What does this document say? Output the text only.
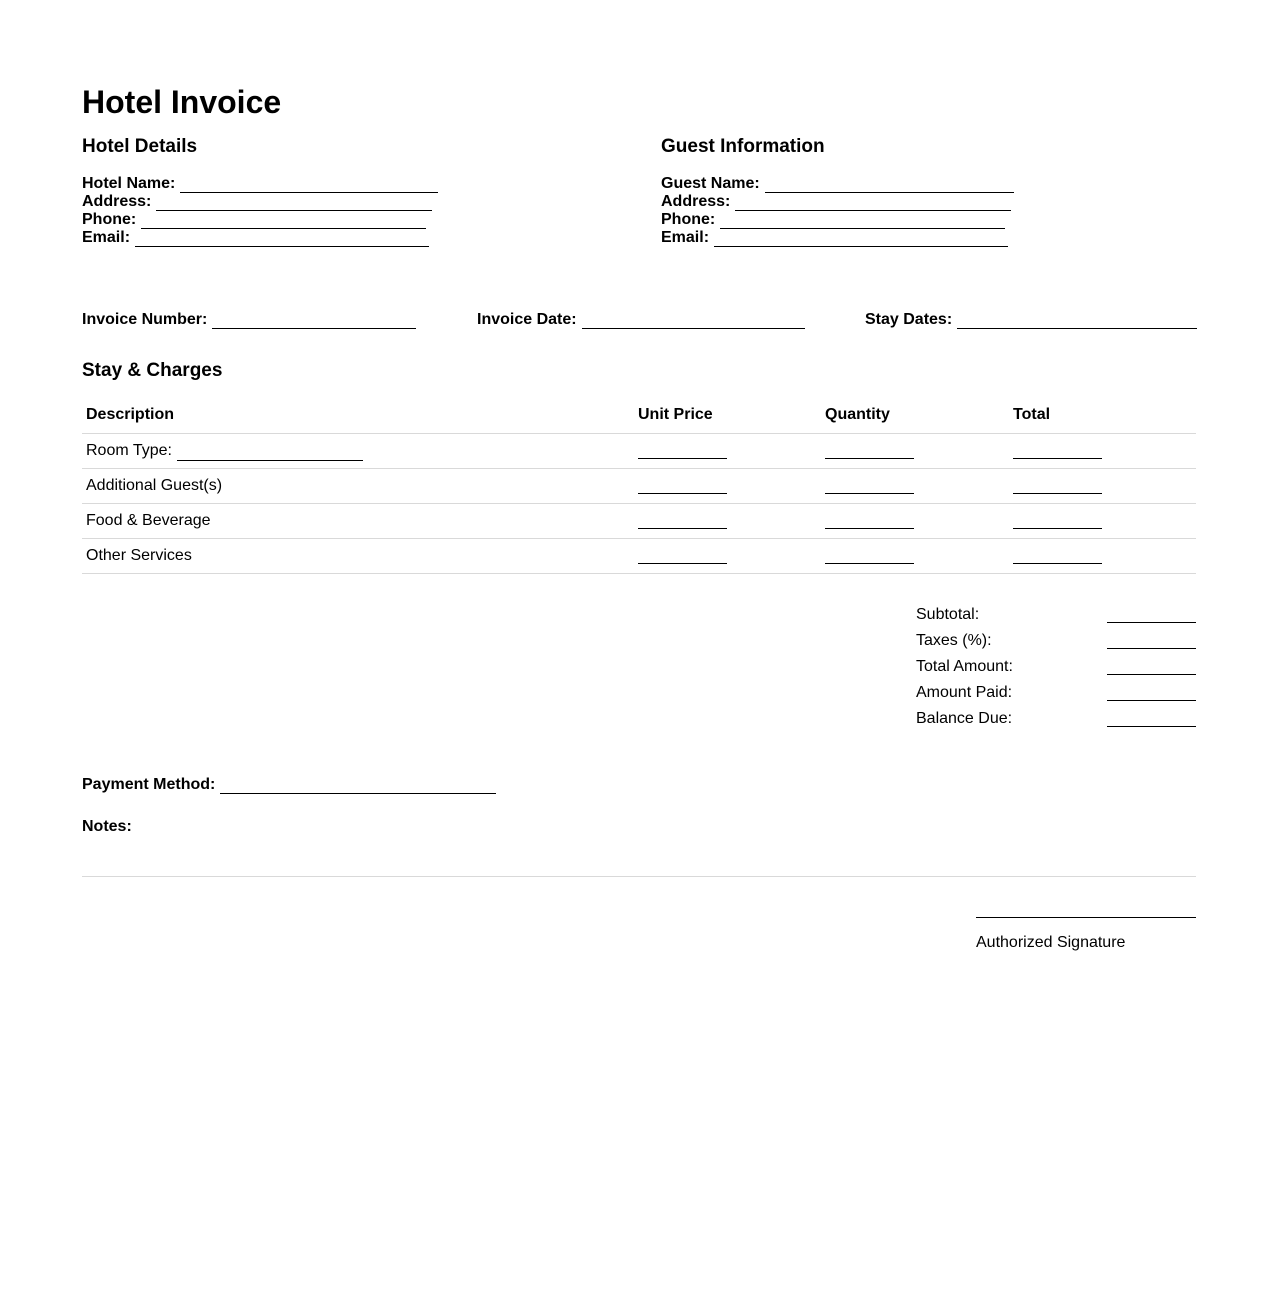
Hotel Invoice
Hotel Details
Hotel Name:
Address:
Phone:
Email:
Guest Information
Guest Name:
Address:
Phone:
Email:
Invoice Number:	Invoice Date:	Stay Dates:
Stay & Charges
Description	Unit Price	Quantity	Total
Room Type:
Additional Guest(s)
Food & Beverage
Other Services
Subtotal:
Taxes (%):
Total Amount:
Amount Paid:
Balance Due:
Payment Method:
Notes:
Authorized Signature
